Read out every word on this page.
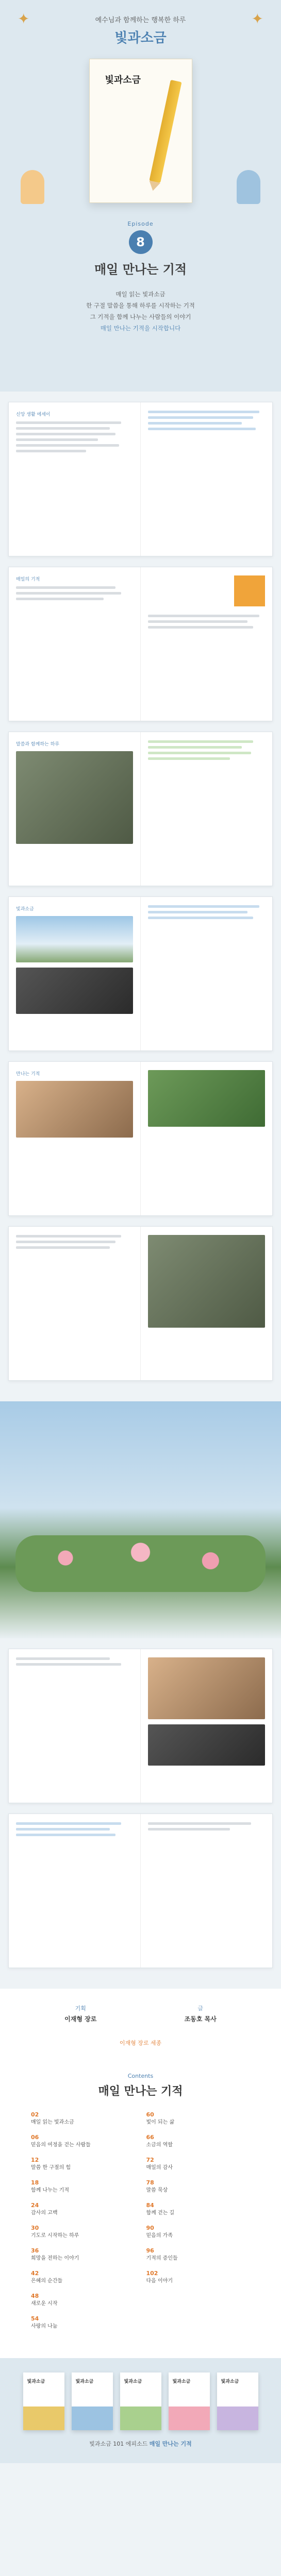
✦	✦
예수님과 함께하는 행복한 하루
빛과소금
빛과소금
Episode
8
매일 만나는 기적
매일 읽는 빛과소금
한 구절 말씀을 통해 하루를 시작하는 기적
그 기적을 함께 나누는 사람들의 이야기
매일 만나는 기적을 시작합니다
신앙 생활 에세이
매일의 기적
말씀과 함께하는 하루
빛과소금
만나는 기적
기획
이재형 장로
글
조동호 목사
이재형 장로 세종
Contents
매일 만나는 기적
02
매일 읽는 빛과소금
06
믿음의 여정을 걷는 사람들
12
말씀 한 구절의 힘
18
함께 나누는 기적
24
감사의 고백
30
기도로 시작하는 하루
36
희망을 전하는 이야기
42
은혜의 순간들
48
새로운 시작
54
사랑의 나눔
60
빛이 되는 삶
66
소금의 역할
72
매일의 감사
78
말씀 묵상
84
함께 걷는 길
90
믿음의 가족
96
기적의 증인들
102
다음 이야기
빛과소금	빛과소금	빛과소금	빛과소금	빛과소금
빛과소금 101 에피소드 매일 만나는 기적
